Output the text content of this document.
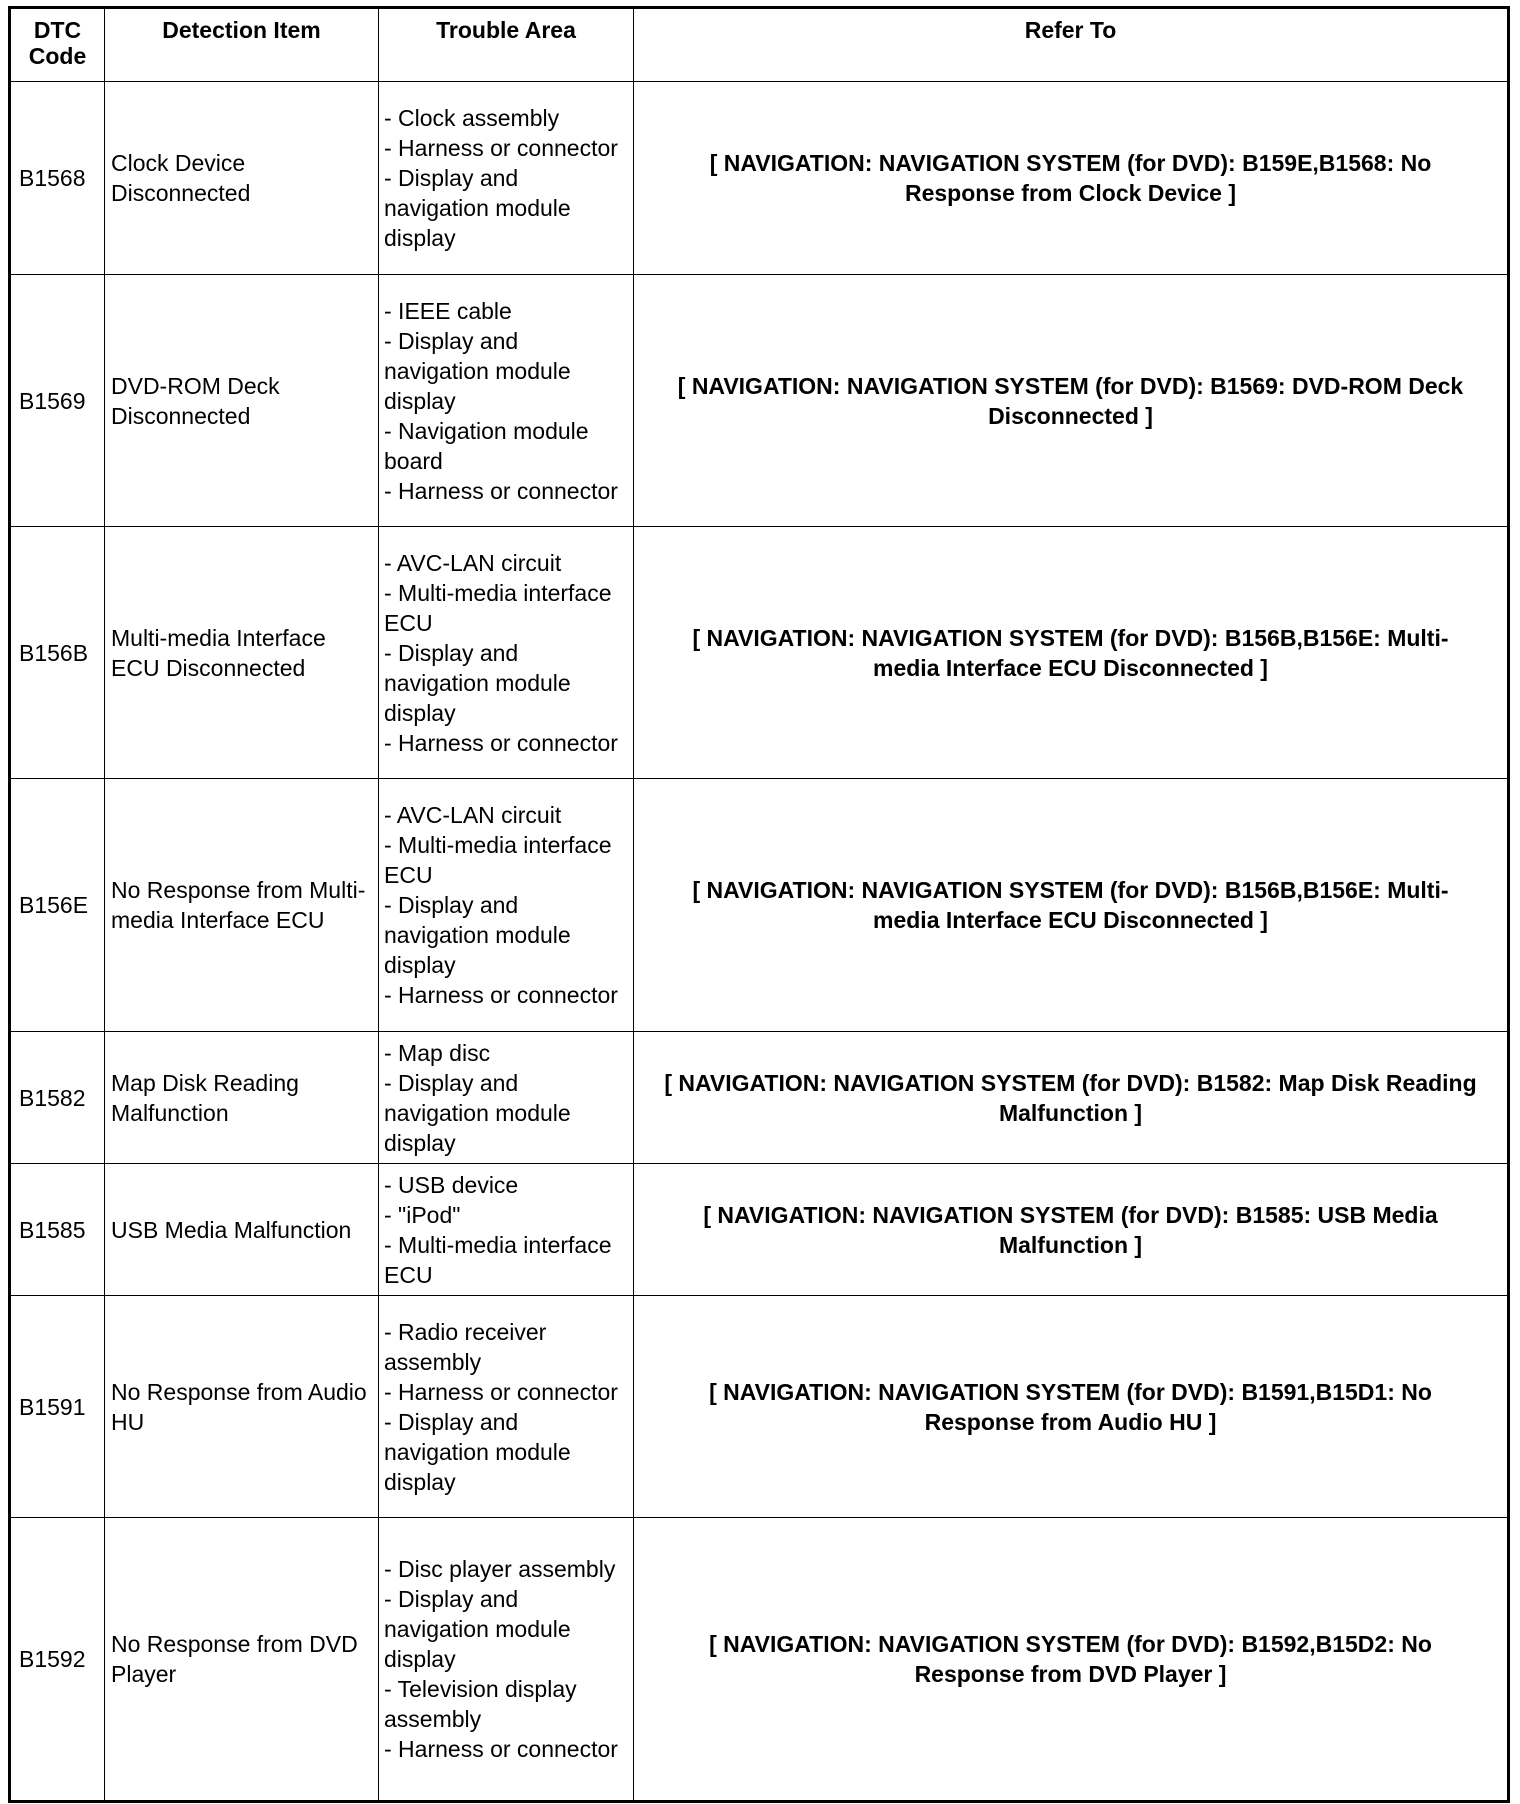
DTC Code	Detection Item	Trouble Area	Refer To
B1568	Clock Device Disconnected	- Clock assembly
- Harness or connector
- Display and navigation module display	[ NAVIGATION: NAVIGATION SYSTEM (for DVD): B159E,B1568: No Response from Clock Device ]
B1569	DVD-ROM Deck Disconnected	- IEEE cable
- Display and navigation module display
- Navigation module board
- Harness or connector	[ NAVIGATION: NAVIGATION SYSTEM (for DVD): B1569: DVD-ROM Deck Disconnected ]
B156B	Multi-media Interface ECU Disconnected	- AVC-LAN circuit
- Multi-media interface ECU
- Display and navigation module display
- Harness or connector	[ NAVIGATION: NAVIGATION SYSTEM (for DVD): B156B,B156E: Multi-media Interface ECU Disconnected ]
B156E	No Response from Multi-media Interface ECU	- AVC-LAN circuit
- Multi-media interface ECU
- Display and navigation module display
- Harness or connector	[ NAVIGATION: NAVIGATION SYSTEM (for DVD): B156B,B156E: Multi-media Interface ECU Disconnected ]
B1582	Map Disk Reading Malfunction	- Map disc
- Display and navigation module display	[ NAVIGATION: NAVIGATION SYSTEM (for DVD): B1582: Map Disk Reading Malfunction ]
B1585	USB Media Malfunction	- USB device
- "iPod"
- Multi-media interface ECU	[ NAVIGATION: NAVIGATION SYSTEM (for DVD): B1585: USB Media Malfunction ]
B1591	No Response from Audio HU	- Radio receiver assembly
- Harness or connector
- Display and navigation module display	[ NAVIGATION: NAVIGATION SYSTEM (for DVD): B1591,B15D1: No Response from Audio HU ]
B1592	No Response from DVD Player	- Disc player assembly
- Display and navigation module display
- Television display assembly
- Harness or connector	[ NAVIGATION: NAVIGATION SYSTEM (for DVD): B1592,B15D2: No Response from DVD Player ]
